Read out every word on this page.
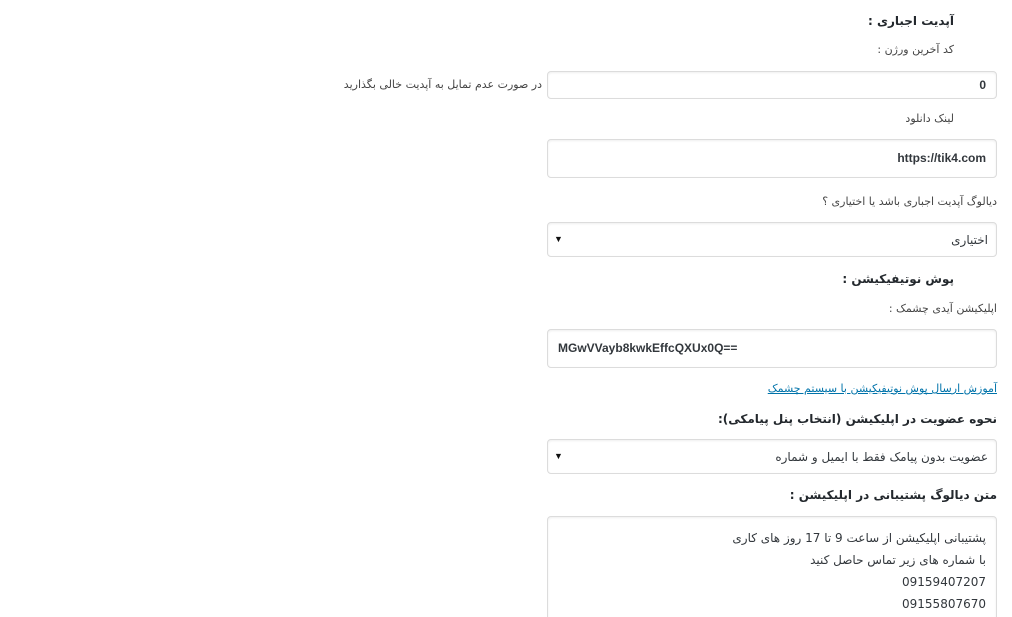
آپدیت اجباری :
کد آخرین ورژن :
0
در صورت عدم تمایل به آپدیت خالی بگذارید
لینک دانلود
https://tik4.com
دیالوگ آپدیت اجباری باشد یا اختیاری ؟
اختیاری
▼
پوش نوتیفیکیشن :
اپلیکیشن آیدی چشمک :
MGwVVayb8kwkEffcQXUx0Q==
آموزش ارسال پوش نوتیفیکیشن با سیستم چشمک
نحوه عضویت در اپلیکیشن (انتخاب پنل پیامکی):
عضویت بدون پیامک فقط با ایمیل و شماره
▼
متن دیالوگ پشتیبانی در اپلیکیشن :
پشتیبانی اپلیکیشن از ساعت 9 تا 17 روز های کاری
با شماره های زیر تماس حاصل کنید
09159407207
09155807670
